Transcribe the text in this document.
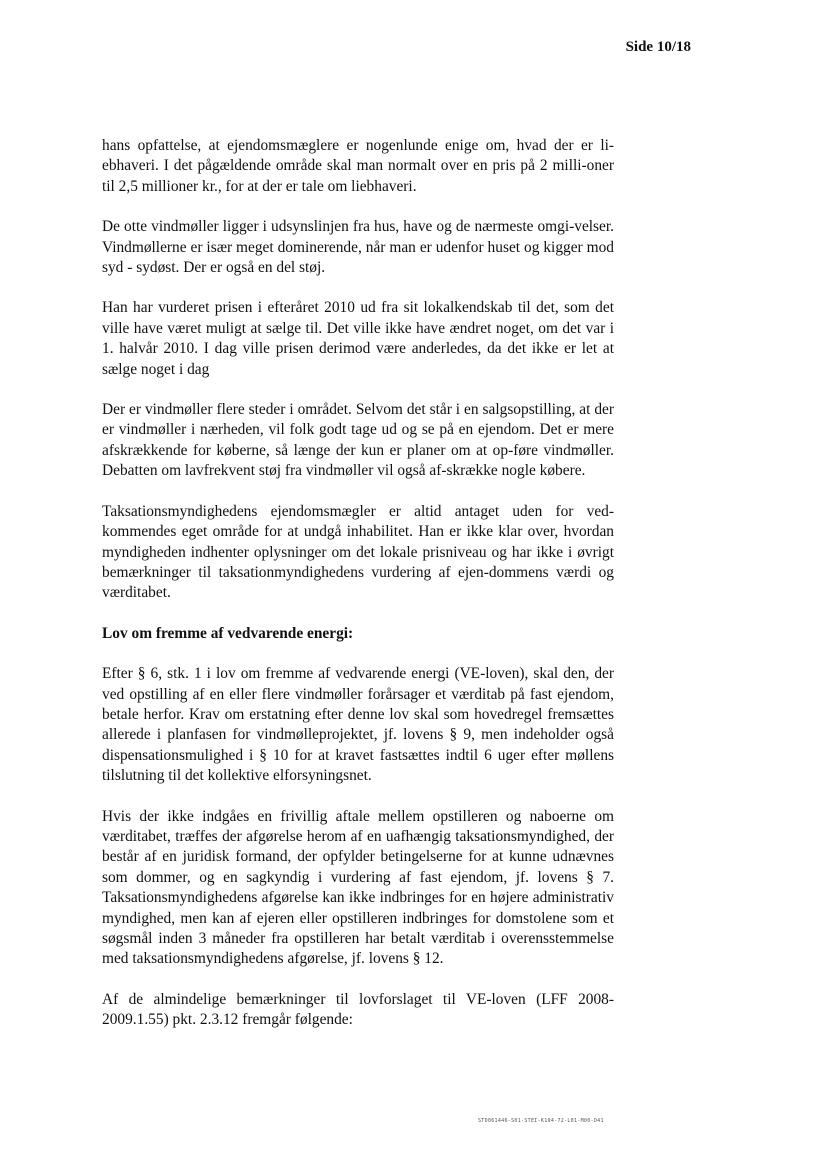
Side 10/18

hans opfattelse, at ejendomsmæglere er nogenlunde enige om, hvad der er li-ebhaveri. I det pågældende område skal man normalt over en pris på 2 milli-oner til 2,5 millioner kr., for at der er tale om liebhaveri.

De otte vindmøller ligger i udsynslinjen fra hus, have og de nærmeste omgi-velser. Vindmøllerne er især meget dominerende, når man er udenfor huset og kigger mod syd - sydøst. Der er også en del støj.

Han har vurderet prisen i efteråret 2010 ud fra sit lokalkendskab til det, som det ville have været muligt at sælge til. Det ville ikke have ændret noget, om det var i 1. halvår 2010. I dag ville prisen derimod være anderledes, da det ikke er let at sælge noget i dag

Der er vindmøller flere steder i området. Selvom det står i en salgsopstilling, at der er vindmøller i nærheden, vil folk godt tage ud og se på en ejendom. Det er mere afskrækkende for køberne, så længe der kun er planer om at op-føre vindmøller. Debatten om lavfrekvent støj fra vindmøller vil også af-skrække nogle købere.

Taksationsmyndighedens ejendomsmægler er altid antaget uden for ved-kommendes eget område for at undgå inhabilitet. Han er ikke klar over, hvordan myndigheden indhenter oplysninger om det lokale prisniveau og har ikke i øvrigt bemærkninger til taksationmyndighedens vurdering af ejen-dommens værdi og værditabet.

Lov om fremme af vedvarende energi:

Efter § 6, stk. 1 i lov om fremme af vedvarende energi (VE-loven), skal den, der ved opstilling af en eller flere vindmøller forårsager et værditab på fast ejendom, betale herfor. Krav om erstatning efter denne lov skal som hovedregel fremsættes allerede i planfasen for vindmølleprojektet, jf. lovens § 9, men indeholder også dispensationsmulighed i § 10 for at kravet fastsættes indtil 6 uger efter møllens tilslutning til det kollektive elforsyningsnet.

Hvis der ikke indgåes en frivillig aftale mellem opstilleren og naboerne om værditabet, træffes der afgørelse herom af en uafhængig taksationsmyndighed, der består af en juridisk formand, der opfylder betingelserne for at kunne udnævnes som dommer, og en sagkyndig i vurdering af fast ejendom, jf. lovens § 7. Taksationsmyndighedens afgørelse kan ikke indbringes for en højere administrativ myndighed, men kan af ejeren eller opstilleren indbringes for domstolene som et søgsmål inden 3 måneder fra opstilleren har betalt værditab i overensstemmelse med taksationsmyndighedens afgørelse, jf. lovens § 12.

Af de almindelige bemærkninger til lovforslaget til VE-loven (LFF 2008-2009.1.55) pkt. 2.3.12 fremgår følgende:

STD061446-S01-STEI-K194-72-L01-M00-D41
